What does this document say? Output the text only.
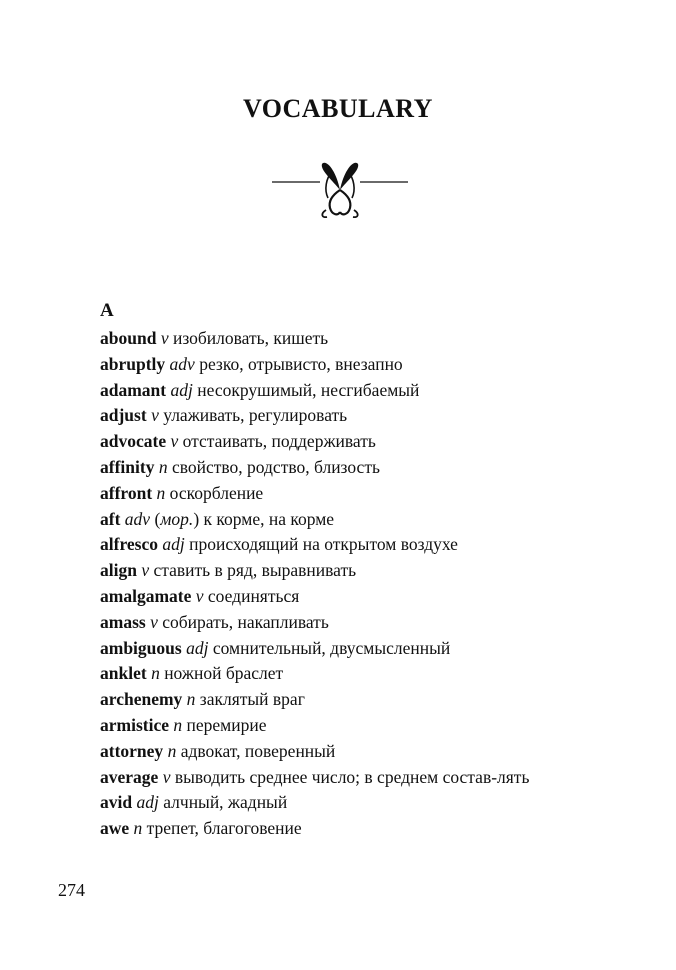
VOCABULARY
A
abound v изобиловать, кишеть
abruptly adv резко, отрывисто, внезапно
adamant adj несокрушимый, несгибаемый
adjust v улаживать, регулировать
advocate v отстаивать, поддерживать
affinity n свойство, родство, близость
affront n оскорбление
aft adv (мор.) к корме, на корме
alfresco adj происходящий на открытом воздухе
align v ставить в ряд, выравнивать
amalgamate v соединяться
amass v собирать, накапливать
ambiguous adj сомнительный, двусмысленный
anklet n ножной браслет
archenemy n заклятый враг
armistice n перемирие
attorney n адвокат, поверенный
average v выводить среднее число; в среднем состав-лять
avid adj алчный, жадный
awe n трепет, благоговение
274
